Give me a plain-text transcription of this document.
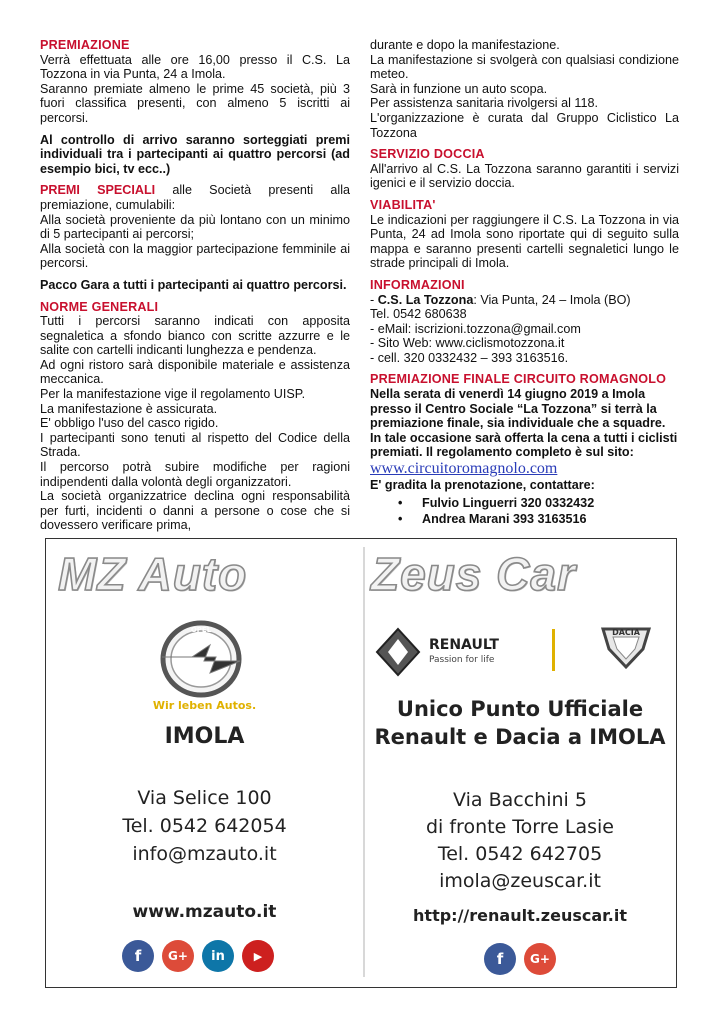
PREMIAZIONE
Verrà effettuata alle ore 16,00 presso il C.S. La Tozzona in via Punta, 24 a Imola.
Saranno premiate almeno le prime 45 società, più 3 fuori classifica presenti, con almeno 5 iscritti ai percorsi.
Al controllo di arrivo saranno sorteggiati premi individuali tra i partecipanti ai quattro percorsi (ad esempio bici, tv ecc..)
PREMI SPECIALI alle Società presenti alla premiazione, cumulabili:
Alla società proveniente da più lontano con un minimo di 5 partecipanti ai percorsi;
Alla società con la maggior partecipazione femminile ai percorsi.
Pacco Gara a tutti i partecipanti ai quattro percorsi.
NORME GENERALI
Tutti i percorsi saranno indicati con apposita segnaletica a sfondo bianco con scritte azzurre e le salite con cartelli indicanti lunghezza e pendenza.
Ad ogni ristoro sarà disponibile materiale e assistenza meccanica.
Per la manifestazione vige il regolamento UISP.
La manifestazione è assicurata.
E' obbligo l'uso del casco rigido.
I partecipanti sono tenuti al rispetto del Codice della Strada.
Il percorso potrà subire modifiche per ragioni indipendenti dalla volontà degli organizzatori.
La società organizzatrice declina ogni responsabilità per furti, incidenti o danni a persone o cose che si dovessero verificare prima,
durante e dopo la manifestazione.
La manifestazione si svolgerà con qualsiasi condizione meteo.
Sarà in funzione un auto scopa.
Per assistenza sanitaria rivolgersi al 118.
L'organizzazione è curata dal Gruppo Ciclistico La Tozzona
SERVIZIO DOCCIA
All'arrivo al C.S. La Tozzona saranno garantiti i servizi igenici e il servizio doccia.
VIABILITA'
Le indicazioni per raggiungere il C.S. La Tozzona in via Punta, 24 ad Imola sono riportate qui di seguito sulla mappa e saranno presenti cartelli segnaletici lungo le strade principali di Imola.
INFORMAZIONI
- C.S. La Tozzona: Via Punta, 24 – Imola (BO)
Tel. 0542 680638
- eMail: iscrizioni.tozzona@gmail.com
- Sito Web: www.ciclismotozzona.it
- cell. 320 0332432 – 393 3163516.
PREMIAZIONE FINALE CIRCUITO ROMAGNOLO
Nella serata di venerdì 14 giugno 2019 a Imola presso il Centro Sociale “La Tozzona” si terrà la premiazione finale, sia individuale che a squadre. In tale occasione sarà offerta la cena a tutti i ciclisti premiati. Il regolamento completo è sul sito:
www.circuitoromagnolo.com
E' gradita la prenotazione, contattare:
• Fulvio Linguerri 320 0332432
• Andrea Marani 393 3163516
MZ Auto
OPEL
Wir leben Autos.
IMOLA
Via Selice 100
Tel. 0542 642054
info@mzauto.it
www.mzauto.it
f	G+	in	▶
Zeus Car
RENAULT
Passion for life
DACIA
Unico Punto Ufficiale
Renault e Dacia a IMOLA
Via Bacchini 5
di fronte Torre Lasie
Tel. 0542 642705
imola@zeuscar.it
http://renault.zeuscar.it
f	G+
